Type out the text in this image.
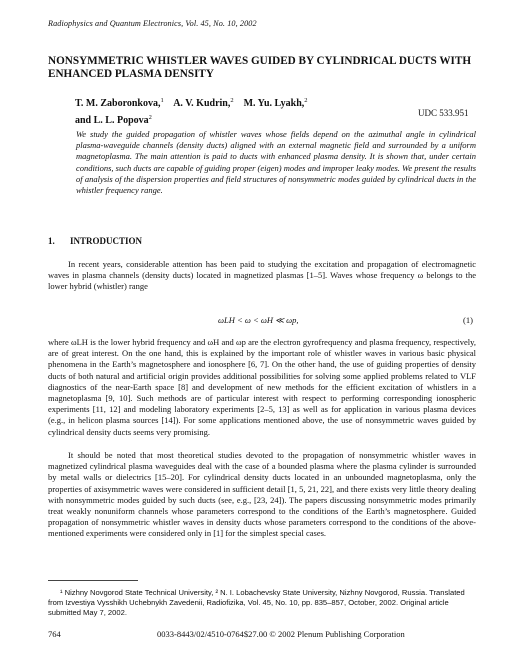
Radiophysics and Quantum Electronics, Vol. 45, No. 10, 2002
NONSYMMETRIC WHISTLER WAVES GUIDED BY CYLINDRICAL DUCTS WITH ENHANCED PLASMA DENSITY
T. M. Zaboronkova,$^1$ A. V. Kudrin,$^2$ M. Yu. Lyakh,$^2$
and L. L. Popova$^2$	UDC 533.951
We study the guided propagation of whistler waves whose fields depend on the azimuthal angle in cylindrical plasma-waveguide channels (density ducts) aligned with an external magnetic field and surrounded by a uniform magnetoplasma. The main attention is paid to ducts with enhanced plasma density. It is shown that, under certain conditions, such ducts are capable of guiding proper (eigen) modes and improper leaky modes. We present the results of analysis of the dispersion properties and field structures of nonsymmetric modes guided by cylindrical ducts in the whistler frequency range.
1. INTRODUCTION
In recent years, considerable attention has been paid to studying the excitation and propagation of electromagnetic waves in plasma channels (density ducts) located in magnetized plasmas [1–5]. Waves whose frequency ω belongs to the lower hybrid (whistler) range
ωLH < ω < ωH ≪ ωp,	(1)
where ωLH is the lower hybrid frequency and ωH and ωp are the electron gyrofrequency and plasma frequency, respectively, are of great interest. On the one hand, this is explained by the important role of whistler waves in various basic physical phenomena in the Earth’s magnetosphere and ionosphere [6, 7]. On the other hand, the use of guiding properties of density ducts of both natural and artificial origin provides additional possibilities for solving some applied problems related to VLF diagnostics of the near-Earth space [8] and development of new methods for the efficient excitation of whistlers in a magnetoplasma [9, 10]. Such methods are of particular interest with respect to performing corresponding ionospheric experiments [11, 12] and modeling laboratory experiments [2–5, 13] as well as for application in various plasma devices (e.g., in helicon plasma sources [14]). For some applications mentioned above, the use of nonsymmetric waves guided by cylindrical density ducts seems very promising.
It should be noted that most theoretical studies devoted to the propagation of nonsymmetric whistler waves in magnetized cylindrical plasma waveguides deal with the case of a bounded plasma where the plasma cylinder is surrounded by metal walls or dielectrics [15–20]. For cylindrical density ducts located in an unbounded magnetoplasma, only the properties of axisymmetric waves were considered in sufficient detail [1, 5, 21, 22], and there exists very little theory dealing with nonsymmetric modes guided by such ducts (see, e.g., [23, 24]). The papers discussing nonsymmetric modes primarily treat weakly nonuniform channels whose parameters correspond to the conditions of the Earth’s magnetosphere. Guided propagation of nonsymmetric whistler waves in density ducts whose parameters correspond to the conditions of the above-mentioned experiments were considered only in [1] for the simplest special cases.
¹ Nizhny Novgorod State Technical University, ² N. I. Lobachevsky State University, Nizhny Novgorod, Russia. Translated from Izvestiya Vysshikh Uchebnykh Zavedenii, Radiofizika, Vol. 45, No. 10, pp. 835–857, October, 2002. Original article submitted May 7, 2002.
764	0033-8443/02/4510-0764$27.00 © 2002 Plenum Publishing Corporation
